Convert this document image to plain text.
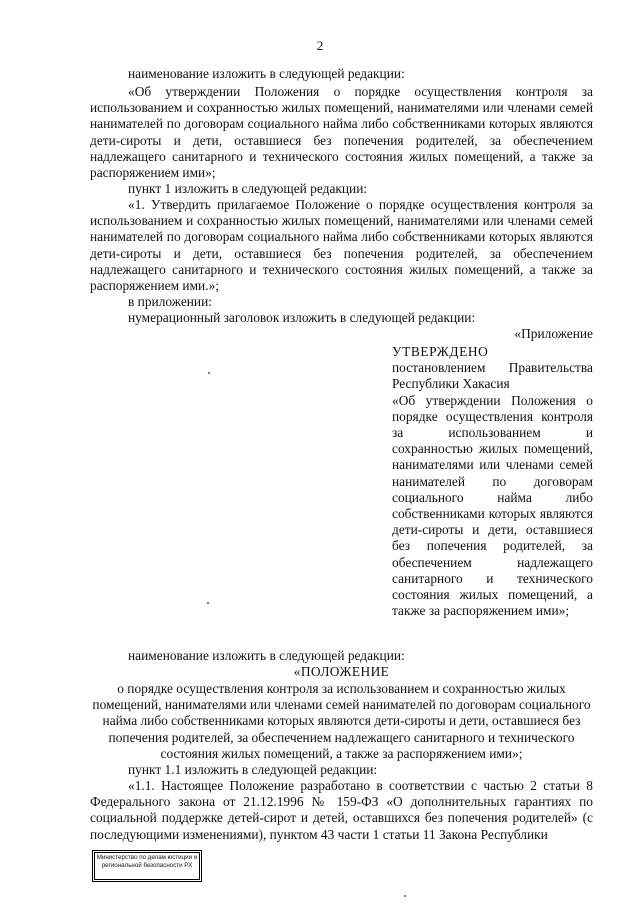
2
наименование изложить в следующей редакции:
«Об утверждении Положения о порядке осуществления контроля за использованием и сохранностью жилых помещений, нанимателями или членами семей нанимателей по договорам социального найма либо собственниками которых являются дети-сироты и дети, оставшиеся без попечения родителей, за обеспечением надлежащего санитарного и технического состояния жилых помещений, а также за распоряжением ими»;
пункт 1 изложить в следующей редакции:
«1. Утвердить прилагаемое Положение о порядке осуществления контроля за использованием и сохранностью жилых помещений, нанимателями или членами семей нанимателей по договорам социального найма либо собственниками которых являются дети-сироты и дети, оставшиеся без попечения родителей, за обеспечением надлежащего санитарного и технического состояния жилых помещений, а также за распоряжением ими.»;
в приложении:
нумерационный заголовок изложить в следующей редакции:
«Приложение
УТВЕРЖДЕНО
постановлением Правительства Республики Хакасия
«Об утверждении Положения о порядке осуществления контроля за использованием и сохранностью жилых помещений, нанимателями или членами семей нанимателей по договорам социального найма либо собственниками которых являются дети-сироты и дети, оставшиеся без попечения родителей, за обеспечением надлежащего санитарного и технического состояния жилых помещений, а также за распоряжением ими»;
наименование изложить в следующей редакции:
«ПОЛОЖЕНИЕ
о порядке осуществления контроля за использованием и сохранностью жилых помещений, нанимателями или членами семей нанимателей по договорам социального найма либо собственниками которых являются дети-сироты и дети, оставшиеся без попечения родителей, за обеспечением надлежащего санитарного и технического состояния жилых помещений, а также за распоряжением ими»;
пункт 1.1 изложить в следующей редакции:
«1.1. Настоящее Положение разработано в соответствии с частью 2 статьи 8 Федерального закона от 21.12.1996 № 159-ФЗ «О дополнительных гарантиях по социальной поддержке детей-сирот и детей, оставшихся без попечения родителей» (с последующими изменениями), пунктом 43 части 1 статьи 11 Закона Республики
Министерство по делам юстиции и региональной безопасности РХ
